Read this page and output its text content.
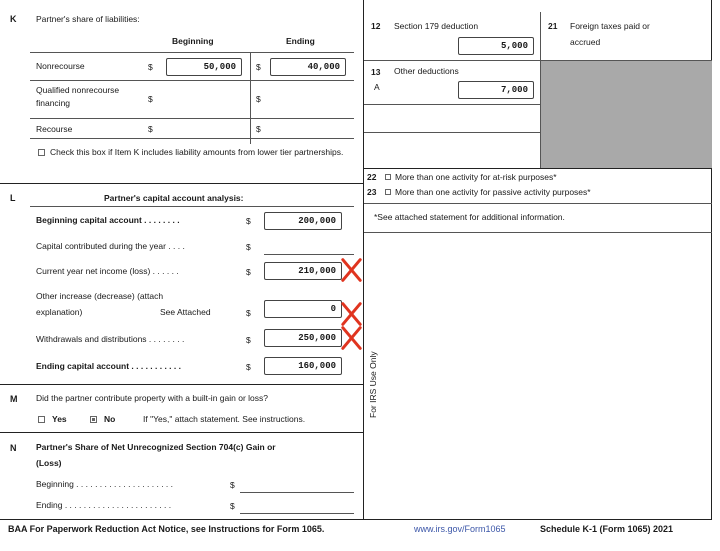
K Partner's share of liabilities:
Beginning	Ending
Nonrecourse	$	50,000	$	40,000
Qualified nonrecourse financing	$	$
Recourse	$	$
Check this box if Item K includes liability amounts from lower tier partnerships.
L	Partner's capital account analysis:
Beginning capital account . . . . . . . .	$	200,000
Capital contributed during the year . . . .	$
Current year net income (loss) . . . . . .	$	210,000
Other increase (decrease) (attach
explanation)	See Attached	$	0
Withdrawals and distributions . . . . . . . .	$	250,000
Ending capital account . . . . . . . . . . .	$	160,000
M Did the partner contribute property with a built-in gain or loss?
Yes	No	If "Yes," attach statement. See instructions.
N Partner's Share of Net Unrecognized Section 704(c) Gain or
(Loss)
Beginning . . . . . . . . . . . . . . . . . . . . .	$
Ending . . . . . . . . . . . . . . . . . . . . . . .	$
For IRS Use Only
12 Section 179 deduction
5,000
21 Foreign taxes paid or
accrued
13 Other deductions
A	7,000
22 More than one activity for at-risk purposes*
23 More than one activity for passive activity purposes*
*See attached statement for additional information.
BAA For Paperwork Reduction Act Notice, see Instructions for Form 1065.	www.irs.gov/Form1065	Schedule K-1 (Form 1065) 2021
